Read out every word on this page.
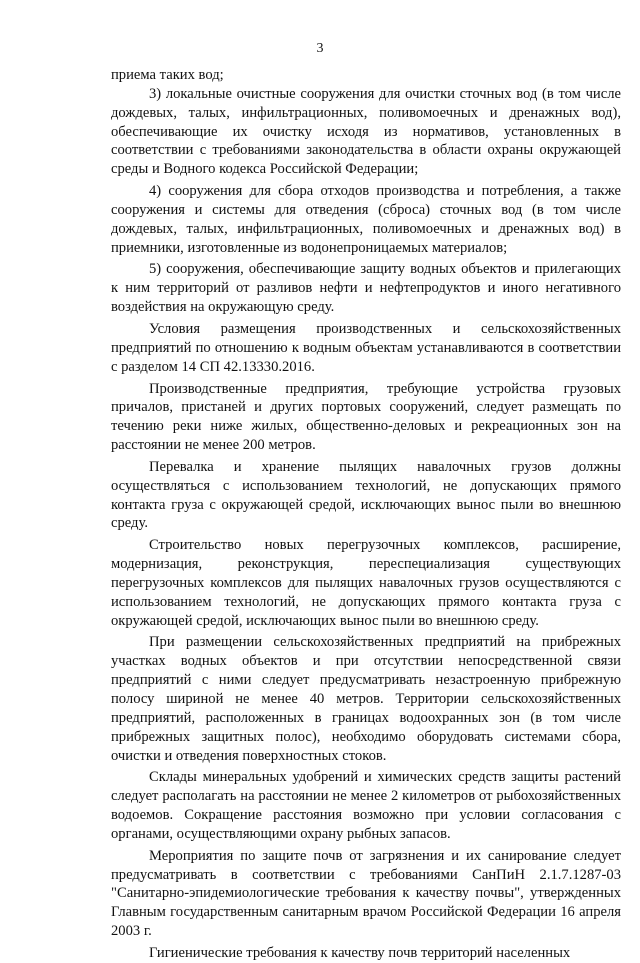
3

приема таких вод;

3) локальные очистные сооружения для очистки сточных вод (в том числе дождевых, талых, инфильтрационных, поливомоечных и дренажных вод), обеспечивающие их очистку исходя из нормативов, установленных в соответствии с требованиями законодательства в области охраны окружающей среды и Водного кодекса Российской Федерации;

4) сооружения для сбора отходов производства и потребления, а также сооружения и системы для отведения (сброса) сточных вод (в том числе дождевых, талых, инфильтрационных, поливомоечных и дренажных вод) в приемники, изготовленные из водонепроницаемых материалов;

5) сооружения, обеспечивающие защиту водных объектов и прилегающих к ним территорий от разливов нефти и нефтепродуктов и иного негативного воздействия на окружающую среду.

Условия размещения производственных и сельскохозяйственных предприятий по отношению к водным объектам устанавливаются в соответствии с разделом 14 СП 42.13330.2016.

Производственные предприятия, требующие устройства грузовых причалов, пристаней и других портовых сооружений, следует размещать по течению реки ниже жилых, общественно-деловых и рекреационных зон на расстоянии не менее 200 метров.

Перевалка и хранение пылящих навалочных грузов должны осуществляться с использованием технологий, не допускающих прямого контакта груза с окружающей средой, исключающих вынос пыли во внешнюю среду.

Строительство новых перегрузочных комплексов, расширение, модернизация, реконструкция, переспециализация существующих перегрузочных комплексов для пылящих навалочных грузов осуществляются с использованием технологий, не допускающих прямого контакта груза с окружающей средой, исключающих вынос пыли во внешнюю среду.

При размещении сельскохозяйственных предприятий на прибрежных участках водных объектов и при отсутствии непосредственной связи предприятий с ними следует предусматривать незастроенную прибрежную полосу шириной не менее 40 метров. Территории сельскохозяйственных предприятий, расположенных в границах водоохранных зон (в том числе прибрежных защитных полос), необходимо оборудовать системами сбора, очистки и отведения поверхностных стоков.

Склады минеральных удобрений и химических средств защиты растений следует располагать на расстоянии не менее 2 километров от рыбохозяйственных водоемов. Сокращение расстояния возможно при условии согласования с органами, осуществляющими охрану рыбных запасов.

Мероприятия по защите почв от загрязнения и их санирование следует предусматривать в соответствии с требованиями СанПиН 2.1.7.1287-03 "Санитарно-эпидемиологические требования к качеству почвы", утвержденных Главным государственным санитарным врачом Российской Федерации 16 апреля 2003 г.

Гигиенические требования к качеству почв территорий населенных
